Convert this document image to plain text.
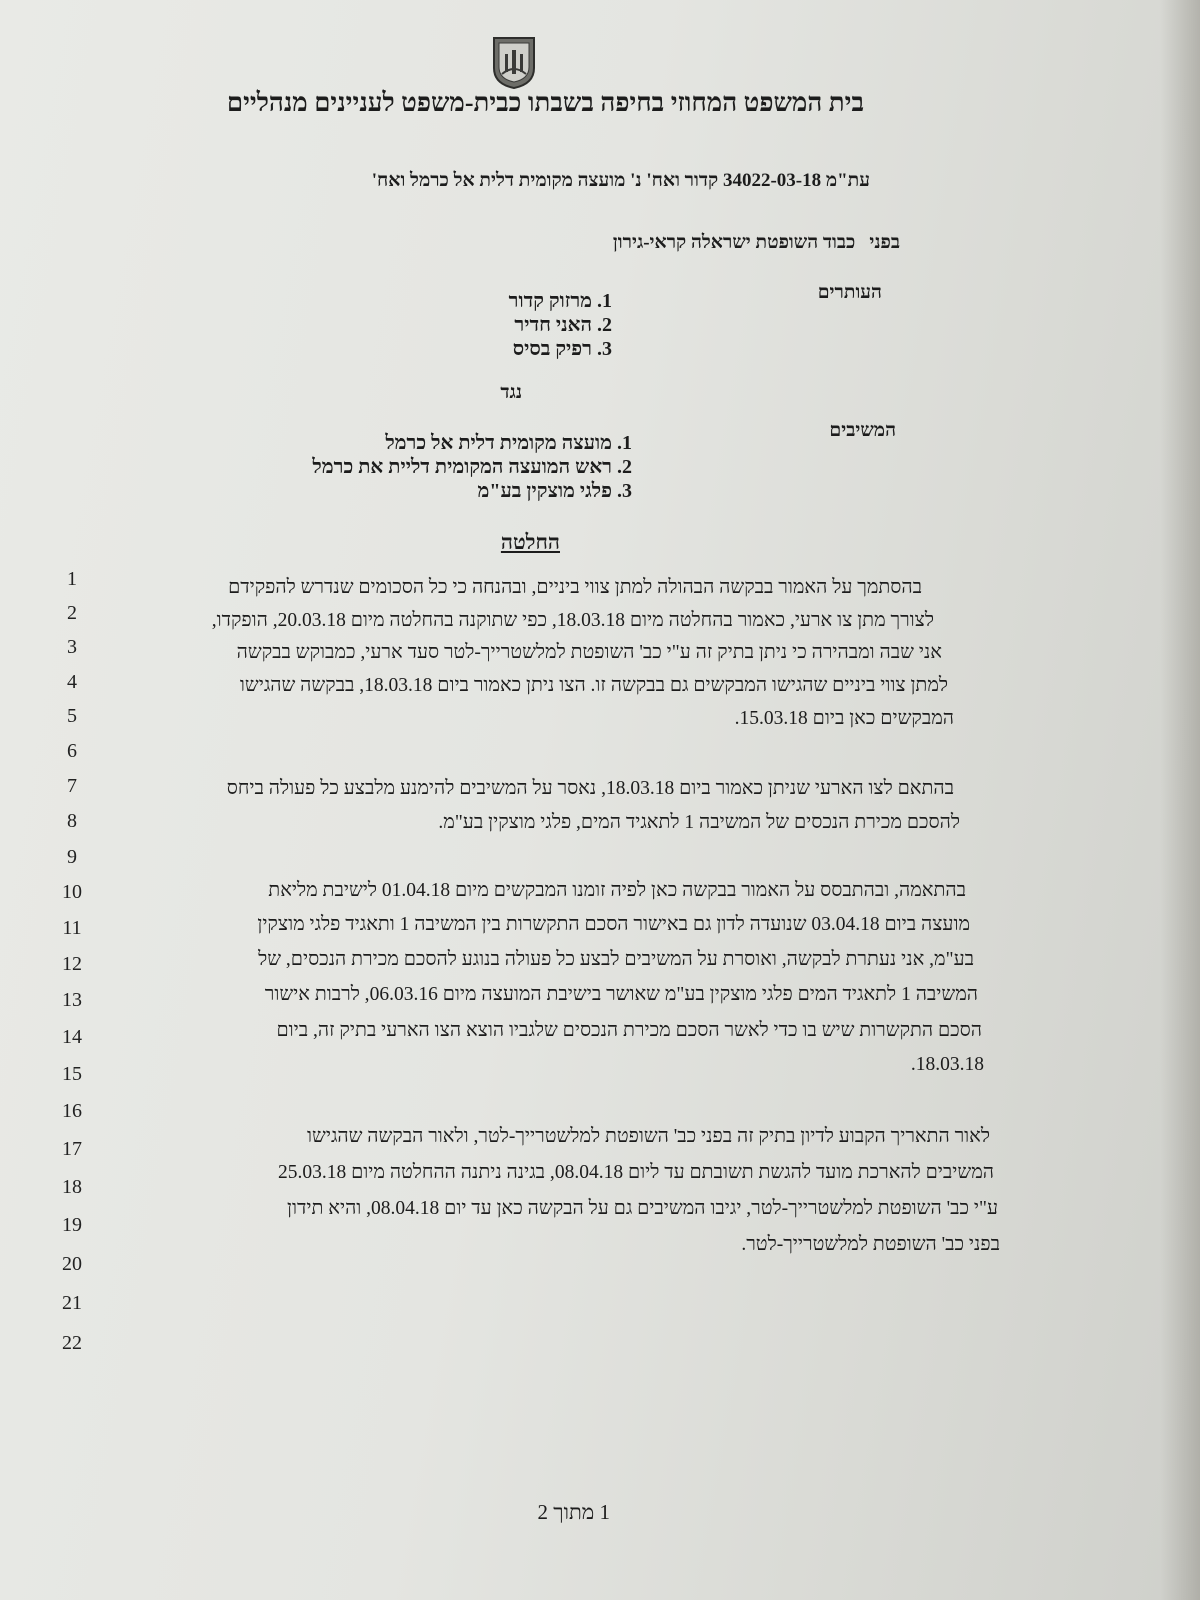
בית המשפט המחוזי בחיפה בשבתו כבית-משפט לעניינים מנהליים
עת"מ 34022-03-18 קדור ואח' נ' מועצה מקומית דלית אל כרמל ואח'
בפניכבוד השופטת ישראלה קראי-גירון
העותרים
1. מרזוק קדור
2. האני חדיר
3. רפיק בסיס
נגד
המשיבים
1. מועצה מקומית דלית אל כרמל
2. ראש המועצה המקומית דליית את כרמל
3. פלגי מוצקין בע"מ
החלטה
1
2
3
4
5
6
7
8
9
10
11
12
13
14
15
16
17
18
19
20
21
22
בהסתמך על האמור בבקשה הבהולה למתן צווי ביניים, ובהנחה כי כל הסכומים שנדרש להפקידם
לצורך מתן צו ארעי, כאמור בהחלטה מיום 18.03.18, כפי שתוקנה בהחלטה מיום 20.03.18, הופקדו,
אני שבה ומבהירה כי ניתן בתיק זה ע"י כב' השופטת למלשטרייך-לטר סעד ארעי, כמבוקש בבקשה
למתן צווי ביניים שהגישו המבקשים גם בבקשה זו. הצו ניתן כאמור ביום 18.03.18, בבקשה שהגישו
המבקשים כאן ביום 15.03.18.
בהתאם לצו הארעי שניתן כאמור ביום 18.03.18, נאסר על המשיבים להימנע מלבצע כל פעולה ביחס
להסכם מכירת הנכסים של המשיבה 1 לתאגיד המים, פלגי מוצקין בע"מ.
בהתאמה, ובהתבסס על האמור בבקשה כאן לפיה זומנו המבקשים מיום 01.04.18 לישיבת מליאת
מועצה ביום 03.04.18 שנועדה לדון גם באישור הסכם התקשרות בין המשיבה 1 ותאגיד פלגי מוצקין
בע"מ, אני נעתרת לבקשה, ואוסרת על המשיבים לבצע כל פעולה בנוגע להסכם מכירת הנכסים, של
המשיבה 1 לתאגיד המים פלגי מוצקין בע"מ שאושר בישיבת המועצה מיום 06.03.16, לרבות אישור
הסכם התקשרות שיש בו כדי לאשר הסכם מכירת הנכסים שלגביו הוצא הצו הארעי בתיק זה, ביום
18.03.18.
לאור התאריך הקבוע לדיון בתיק זה בפני כב' השופטת למלשטרייך-לטר, ולאור הבקשה שהגישו
המשיבים להארכת מועד להגשת תשובתם עד ליום 08.04.18, בגינה ניתנה ההחלטה מיום 25.03.18
ע"י כב' השופטת למלשטרייך-לטר, יגיבו המשיבים גם על הבקשה כאן עד יום 08.04.18, והיא תידון
בפני כב' השופטת למלשטרייך-לטר.
1 מתוך 2
